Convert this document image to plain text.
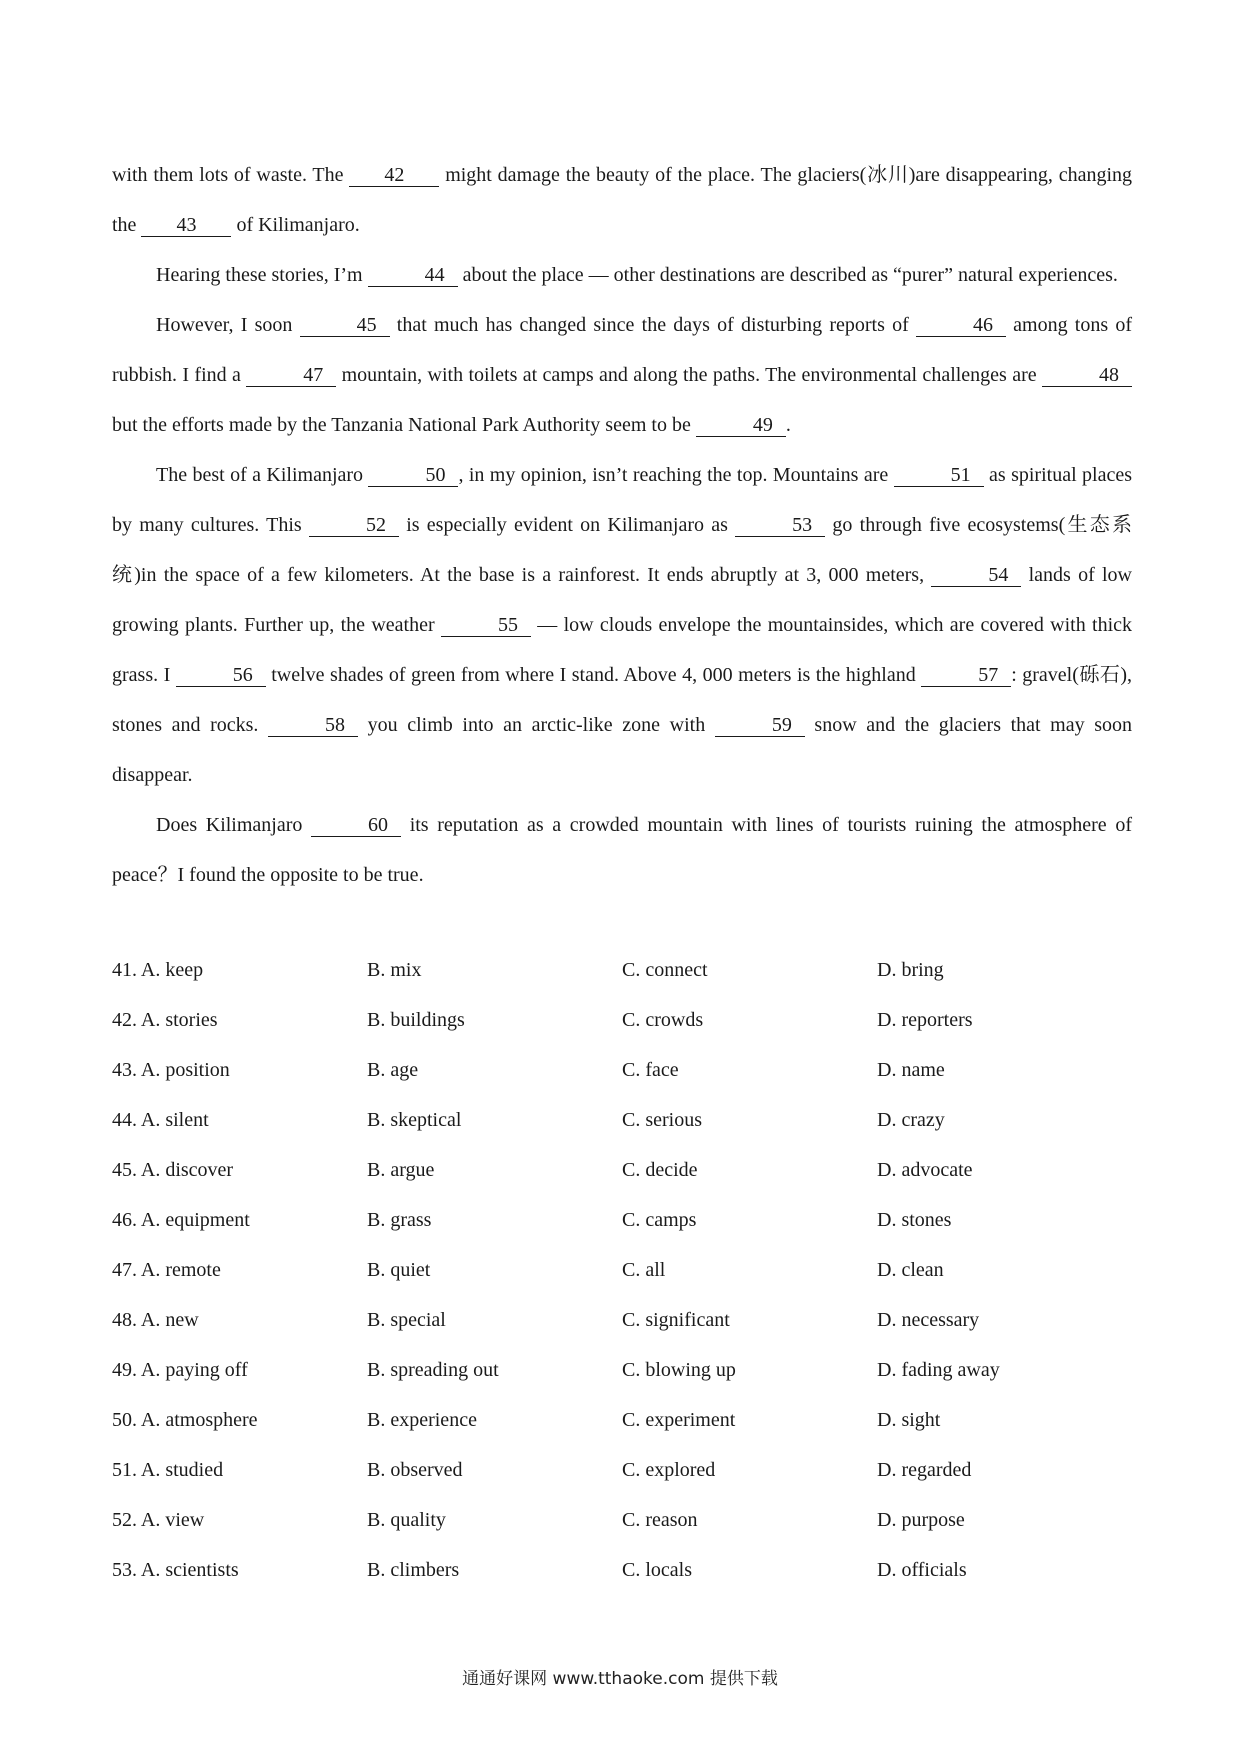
with them lots of waste. The 42 might damage the beauty of the place. The glaciers(冰川)are disappearing, changing the 43 of Kilimanjaro.

Hearing these stories, I’m	44 about the place — other destinations are described as “purer” natural experiences.

However, I soon	45 that much has changed since the days of disturbing reports of	46 among tons of rubbish. I find a	47 mountain, with toilets at camps and along the paths. The environmental challenges are	48 but the efforts made by the Tanzania National Park Authority seem to be	49 .

The best of a Kilimanjaro	50 , in my opinion, isn’t reaching the top. Mountains are	51 as spiritual places by many cultures. This	52 is especially evident on Kilimanjaro as	53 go through five ecosystems(生态系统)in the space of a few kilometers. At the base is a rainforest. It ends abruptly at 3, 000 meters,	54 lands of low growing plants. Further up, the weather	55 — low clouds envelope the mountainsides, which are covered with thick grass. I	56 twelve shades of green from where I stand. Above 4, 000 meters is the highland	57 : gravel(砾石), stones and rocks.	58 you climb into an arctic-like zone with	59 snow and the glaciers that may soon disappear.

Does Kilimanjaro	60 its reputation as a crowded mountain with lines of tourists ruining the atmosphere of peace？I found the opposite to be true.

41. A. keep	B. mix	C. connect	D. bring
42. A. stories	B. buildings	C. crowds	D. reporters
43. A. position	B. age	C. face	D. name
44. A. silent	B. skeptical	C. serious	D. crazy
45. A. discover	B. argue	C. decide	D. advocate
46. A. equipment	B. grass	C. camps	D. stones
47. A. remote	B. quiet	C. all	D. clean
48. A. new	B. special	C. significant	D. necessary
49. A. paying off	B. spreading out	C. blowing up	D. fading away
50. A. atmosphere	B. experience	C. experiment	D. sight
51. A. studied	B. observed	C. explored	D. regarded
52. A. view	B. quality	C. reason	D. purpose
53. A. scientists	B. climbers	C. locals	D. officials
通通好课网 www.tthaoke.com 提供下载
